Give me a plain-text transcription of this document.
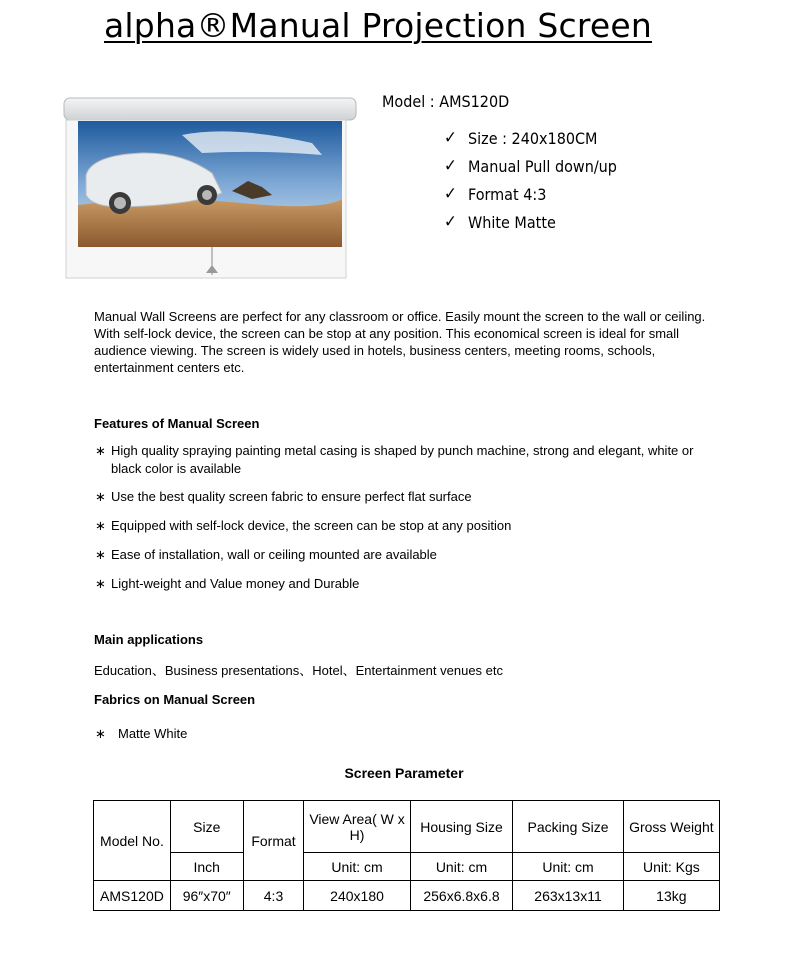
alpha®Manual Projection Screen
Model : AMS120D
✓ Size : 240x180CM
✓ Manual Pull down/up
✓ Format 4:3
✓ White Matte

Manual Wall Screens are perfect for any classroom or office. Easily mount the screen to the wall or ceiling. With self-lock device, the screen can be stop at any position. This economical screen is ideal for small audience viewing. The screen is widely used in hotels, business centers, meeting rooms, schools, entertainment centers etc.

Features of Manual Screen
∗ High quality spraying painting metal casing is shaped by punch machine, strong and elegant, white or black color is available
∗ Use the best quality screen fabric to ensure perfect flat surface
∗ Equipped with self-lock device, the screen can be stop at any position
∗ Ease of installation, wall or ceiling mounted are available
∗ Light-weight and Value money and Durable
Main applications

Education、Business presentations、Hotel、Entertainment venues etc

Fabrics on Manual Screen
∗ Matte White

Screen Parameter

Model No.	Size	Format	View Area( W x H)	Housing Size	Packing Size	Gross Weight
	Inch		Unit: cm	Unit: cm	Unit: cm	Unit: Kgs
AMS120D	96″x70″	4:3	240x180	256x6.8x6.8	263x13x11	13kg
